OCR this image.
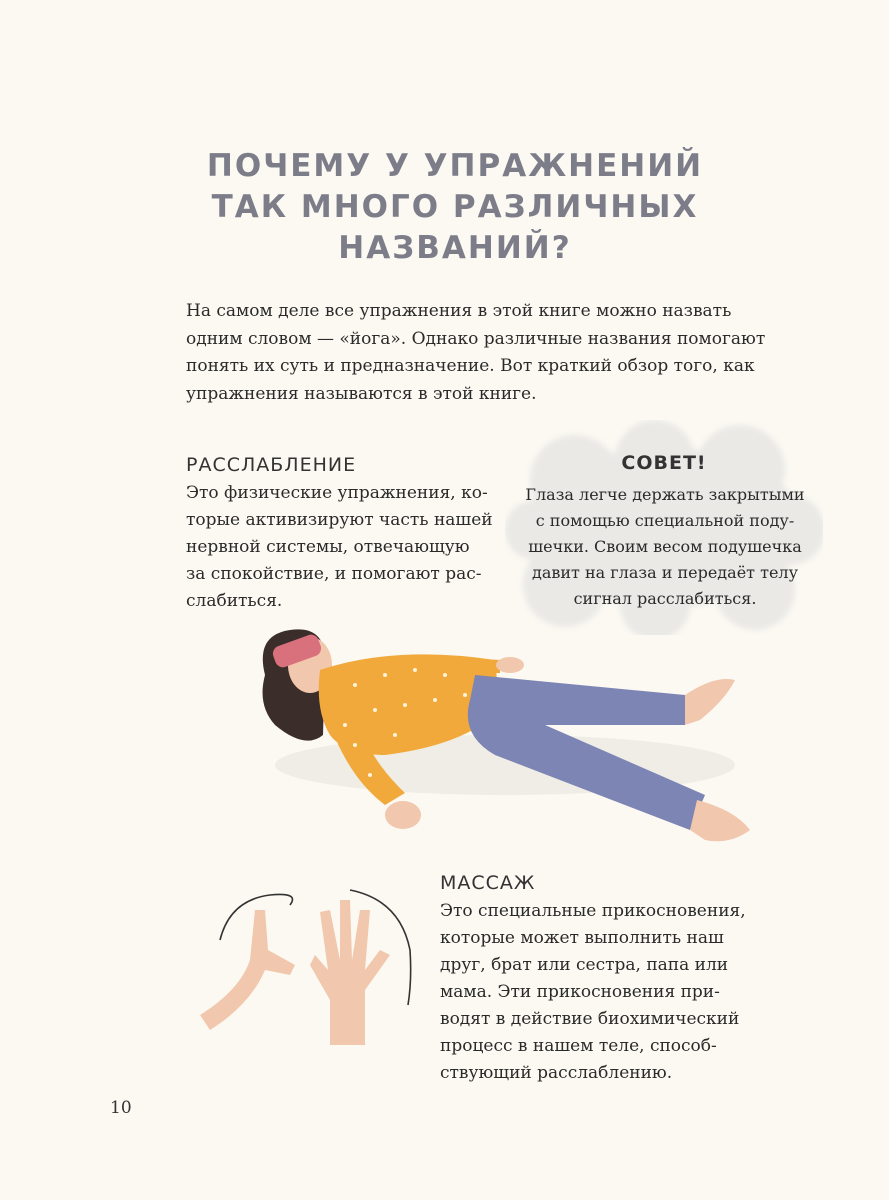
ПОЧЕМУ У УПРАЖНЕНИЙ
ТАК МНОГО РАЗЛИЧНЫХ
НАЗВАНИЙ?
На самом деле все упражнения в этой книге можно назвать
одним словом — «йога». Однако различные названия помогают
понять их суть и предназначение. Вот краткий обзор того, как
упражнения называются в этой книге.
РАССЛАБЛЕНИЕ
Это физические упражнения, ко-
торые активизируют часть нашей
нервной системы, отвечающую
за спокойствие, и помогают рас-
слабиться.
СОВЕТ!
Глаза легче держать закрытыми
с помощью специальной поду-
шечки. Своим весом подушечка
давит на глаза и передаёт телу
сигнал расслабиться.
МАССАЖ
Это специальные прикосновения,
которые может выполнить наш
друг, брат или сестра, папа или
мама. Эти прикосновения при-
водят в действие биохимический
процесс в нашем теле, способ-
ствующий расслаблению.
10
